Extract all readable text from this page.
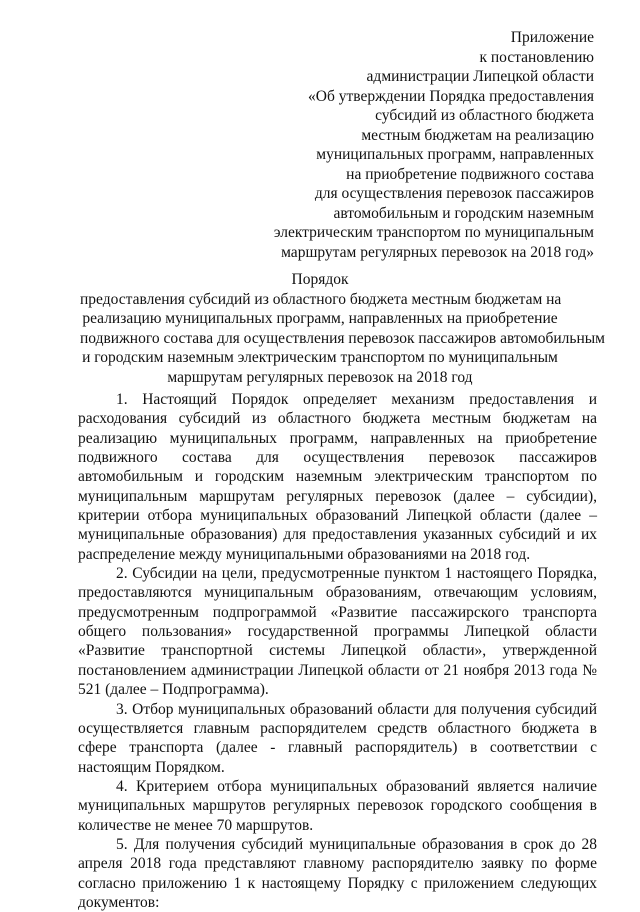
Приложение
к постановлению
администрации Липецкой области
«Об утверждении Порядка предоставления
субсидий из областного бюджета
местным бюджетам на реализацию
муниципальных программ, направленных
на приобретение подвижного состава
для осуществления перевозок пассажиров
автомобильным и городским наземным
электрическим транспортом по муниципальным
маршрутам регулярных перевозок на 2018 год»
Порядок
предоставления субсидий из областного бюджета местным бюджетам на
реализацию муниципальных программ, направленных на приобретение
подвижного состава для осуществления перевозок пассажиров автомобильным
и городским наземным электрическим транспортом по муниципальным
маршрутам регулярных перевозок на 2018 год

1. Настоящий Порядок определяет механизм предоставления и расходования субсидий из областного бюджета местным бюджетам на реализацию муниципальных программ, направленных на приобретение подвижного состава для осуществления перевозок пассажиров автомобильным и городским наземным электрическим транспортом по муниципальным маршрутам регулярных перевозок (далее – субсидии), критерии отбора муниципальных образований Липецкой области (далее – муниципальные образования) для предоставления указанных субсидий и их распределение между муниципальными образованиями на 2018 год.

2. Субсидии на цели, предусмотренные пунктом 1 настоящего Порядка, предоставляются муниципальным образованиям, отвечающим условиям, предусмотренным подпрограммой «Развитие пассажирского транспорта общего пользования» государственной программы Липецкой области «Развитие транспортной системы Липецкой области», утвержденной постановлением администрации Липецкой области от 21 ноября 2013 года № 521 (далее – Подпрограмма).

3. Отбор муниципальных образований области для получения субсидий осуществляется главным распорядителем средств областного бюджета в сфере транспорта (далее - главный распорядитель) в соответствии с настоящим Порядком.

4. Критерием отбора муниципальных образований является наличие муниципальных маршрутов регулярных перевозок городского сообщения в количестве не менее 70 маршрутов.

5. Для получения субсидий муниципальные образования в срок до 28 апреля 2018 года представляют главному распорядителю заявку по форме согласно приложению 1 к настоящему Порядку с приложением следующих документов:
